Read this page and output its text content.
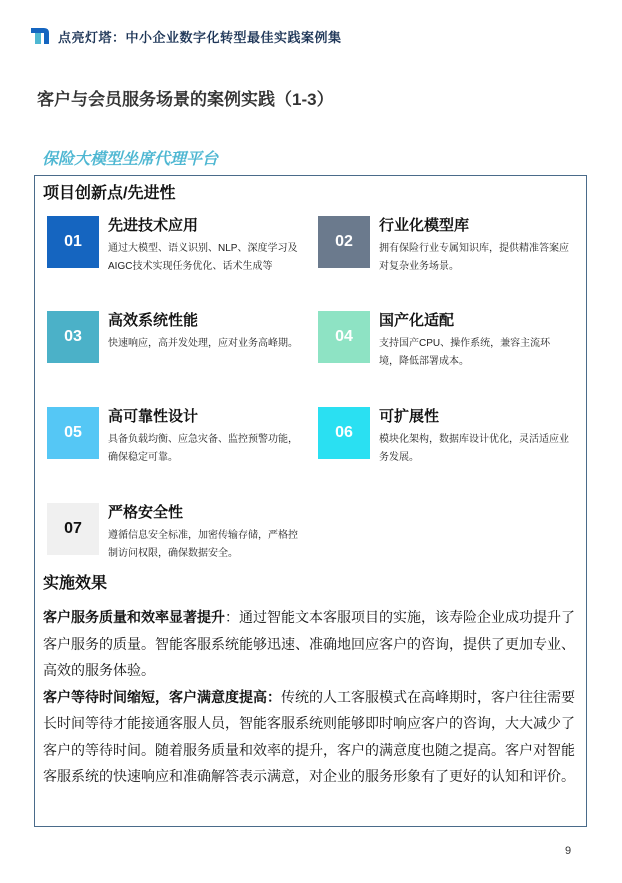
点亮灯塔：中小企业数字化转型最佳实践案例集
客户与会员服务场景的案例实践（1-3）
保险大模型坐席代理平台
项目创新点/先进性
01
先进技术应用
通过大模型、语义识别、NLP、深度学习及AIGC技术实现任务优化、话术生成等
02
行业化模型库
拥有保险行业专属知识库，提供精准答案应对复杂业务场景。
03
高效系统性能
快速响应，高并发处理，应对业务高峰期。	04
国产化适配
支持国产CPU、操作系统，兼容主流环境，降低部署成本。
05
高可靠性设计
具备负载均衡、应急灾备、监控预警功能，确保稳定可靠。
06
可扩展性
模块化架构，数据库设计优化，灵活适应业务发展。
07
严格安全性
遵循信息安全标准，加密传输存储，严格控制访问权限，确保数据安全。
实施效果

客户服务质量和效率显著提升：通过智能文本客服项目的实施，该寿险企业成功提升了客户服务的质量。智能客服系统能够迅速、准确地回应客户的咨询，提供了更加专业、高效的服务体验。

客户等待时间缩短，客户满意度提高：传统的人工客服模式在高峰期时，客户往往需要长时间等待才能接通客服人员，智能客服系统则能够即时响应客户的咨询，大大减少了客户的等待时间。随着服务质量和效率的提升，客户的满意度也随之提高。客户对智能客服系统的快速响应和准确解答表示满意，对企业的服务形象有了更好的认知和评价。

9
